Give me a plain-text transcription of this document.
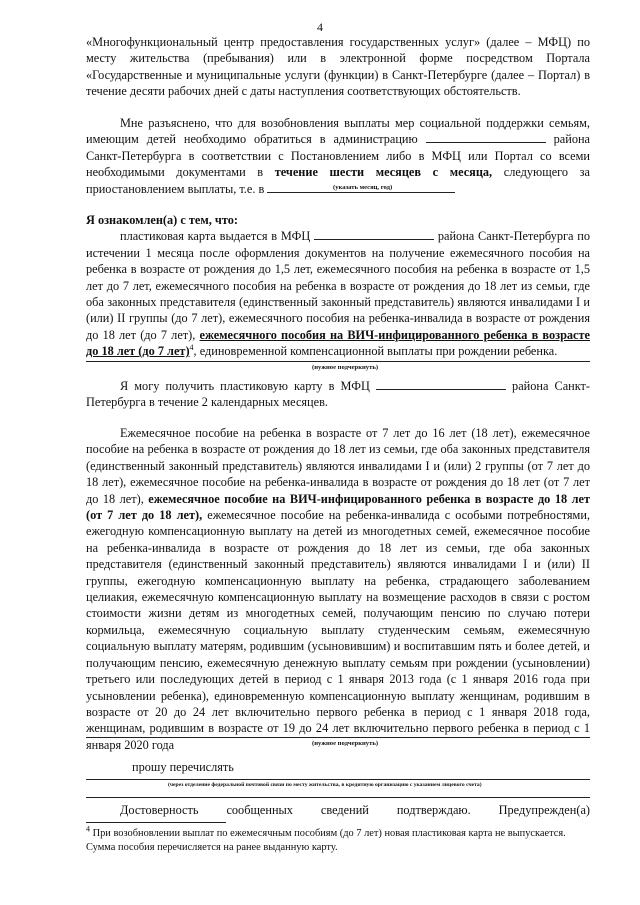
4
«Многофункциональный центр предоставления государственных услуг» (далее – МФЦ) по месту жительства (пребывания) или в электронной форме посредством Портала «Государственные и муниципальные услуги (функции) в Санкт-Петербурге (далее – Портал) в течение десяти рабочих дней с даты наступления соответствующих обстоятельств.
Мне разъяснено, что для возобновления выплаты мер социальной поддержки семьям, имеющим детей необходимо обратиться в администрацию	района Санкт-Петербурга в соответствии с Постановлением либо в МФЦ или Портал со всеми необходимыми документами в течение шести месяцев с месяца, следующего за приостановлением выплаты, т.е. в	(указать месяц, год)
Я ознакомлен(а) с тем, что:
пластиковая карта выдается в МФЦ	района Санкт-Петербурга по истечении 1 месяца после оформления документов на получение ежемесячного пособия на ребенка в возрасте от рождения до 1,5 лет, ежемесячного пособия на ребенка в возрасте от 1,5 лет до 7 лет, ежемесячного пособия на ребенка в возрасте от рождения до 18 лет из семьи, где оба законных представителя (единственный законный представитель) являются инвалидами I и (или) II группы (до 7 лет), ежемесячного пособия на ребенка-инвалида в возрасте от рождения до 18 лет (до 7 лет), ежемесячного пособия на ВИЧ-инфицированного ребенка в возрасте до 18 лет (до 7 лет)$^4$, единовременной компенсационной выплаты при рождении ребенка.
(нужное подчеркнуть)
Я могу получить пластиковую карту в МФЦ	района Санкт-Петербурга в течение 2 календарных месяцев.
Ежемесячное пособие на ребенка в возрасте от 7 лет до 16 лет (18 лет), ежемесячное пособие на ребенка в возрасте от рождения до 18 лет из семьи, где оба законных представителя (единственный законный представитель) являются инвалидами I и (или) 2 группы (от 7 лет до 18 лет), ежемесячное пособие на ребенка-инвалида в возрасте от рождения до 18 лет (от 7 лет до 18 лет), ежемесячное пособие на ВИЧ-инфицированного ребенка в возрасте до 18 лет (от 7 лет до 18 лет), ежемесячное пособие на ребенка-инвалида с особыми потребностями, ежегодную компенсационную выплату на детей из многодетных семей, ежемесячное пособие на ребенка-инвалида в возрасте от рождения до 18 лет из семьи, где оба законных представителя (единственный законный представитель) являются инвалидами I и (или) II группы, ежегодную компенсационную выплату на ребенка, страдающего заболеванием целиакия, ежемесячную компенсационную выплату на возмещение расходов в связи с ростом стоимости жизни детям из многодетных семей, получающим пенсию по случаю потери кормильца, ежемесячную социальную выплату студенческим семьям, ежемесячную социальную выплату матерям, родившим (усыновившим) и воспитавшим пять и более детей, и получающим пенсию, ежемесячную денежную выплату семьям при рождении (усыновлении) третьего или последующих детей в период с 1 января 2013 года (с 1 января 2016 года при усыновлении ребенка), единовременную компенсационную выплату женщинам, родившим в возрасте от 20 до 24 лет включительно первого ребенка в период с 1 января 2018 года, женщинам, родившим в возрасте от 19 до 24 лет включительно первого ребенка в период с 1 января 2020 года	(нужное подчеркнуть)
прошу перечислять
(через отделение федеральной почтовой связи по месту жительства, в кредитную организацию с указанием лицевого счета)
Достоверность сообщенных сведений подтверждаю. Предупрежден(а)
$^4$ При возобновлении выплат по ежемесячным пособиям (до 7 лет) новая пластиковая карта не выпускается. Сумма пособия перечисляется на ранее выданную карту.
